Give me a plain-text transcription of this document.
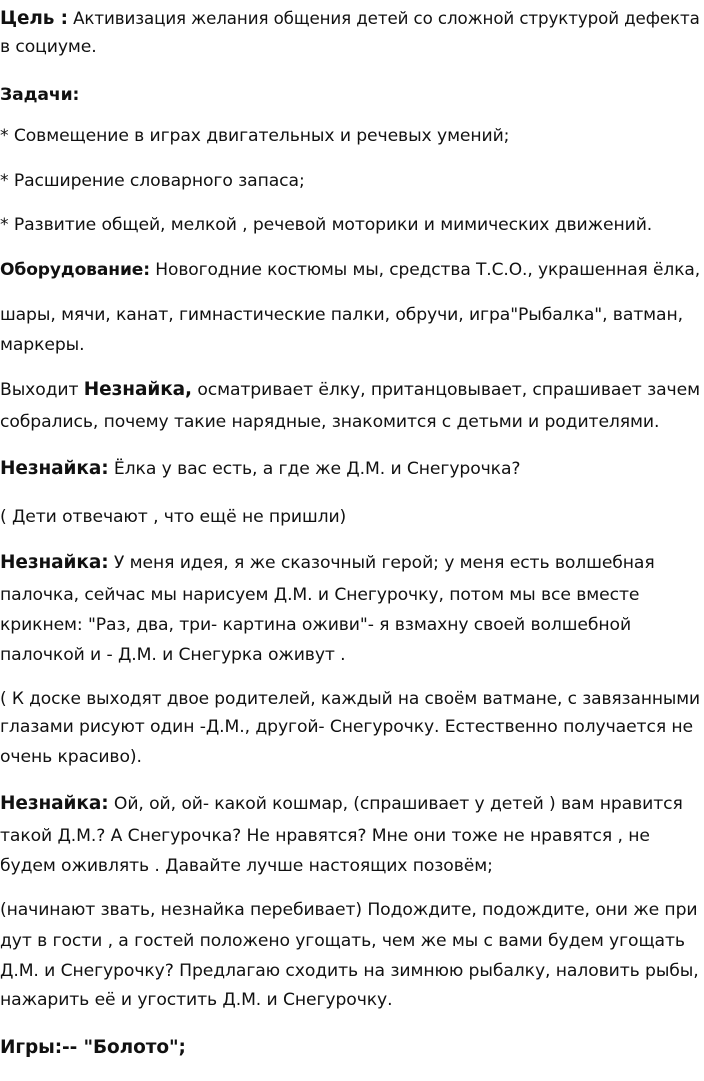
Цель : Активизация желания общения детей со сложной структурой дефекта
в социуме.
Задачи:
* Совмещение в играх двигательных и речевых умений;
* Расширение словарного запаса;
* Развитие общей, мелкой , речевой моторики и мимических движений.
Оборудование: Новогодние костюмы мы, средства Т.С.О., украшенная ёлка,
шары, мячи, канат, гимнастические палки, обручи, игра"Рыбалка", ватман,
маркеры.
Выходит Незнайка, осматривает ёлку, пританцовывает, спрашивает зачем
собрались, почему такие нарядные, знакомится с детьми и родителями.
Незнайка: Ёлка у вас есть, а где же Д.М. и Снегурочка?
( Дети отвечают , что ещё не пришли)
Незнайка: У меня идея, я же сказочный герой; у меня есть волшебная
палочка, сейчас мы нарисуем Д.М. и Снегурочку, потом мы все вместе
крикнем: "Раз, два, три- картина оживи"- я взмахну своей волшебной
палочкой и - Д.М. и Снегурка оживут .
( К доске выходят двое родителей, каждый на своём ватмане, с завязанными
глазами рисуют один -Д.М., другой- Снегурочку. Естественно получается не
очень красиво).
Незнайка: Ой, ой, ой- какой кошмар, (спрашивает у детей ) вам нравится
такой Д.М.? А Снегурочка? Не нравятся? Мне они тоже не нравятся , не
будем оживлять . Давайте лучше настоящих позовём;
(начинают звать, незнайка перебивает) Подождите, подождите, они же при
дут в гости , а гостей положено угощать, чем же мы с вами будем угощать
Д.М. и Снегурочку? Предлагаю сходить на зимнюю рыбалку, наловить рыбы,
нажарить её и угостить Д.М. и Снегурочку.
Игры:-- "Болото";
